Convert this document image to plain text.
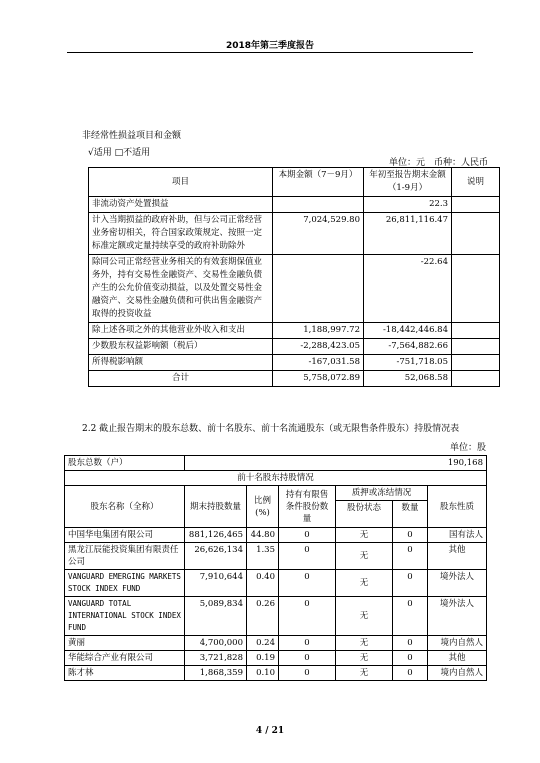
2018年第三季度报告
非经常性损益项目和金额
√适用 □不适用
单位：元　币种：人民币
项目	本期金额（7－9月）	年初至报告期末金额（1-9月）	说明
非流动资产处置损益		22.3	
计入当期损益的政府补助，但与公司正常经营业务密切相关，符合国家政策规定、按照一定标准定额或定量持续享受的政府补助除外	7,024,529.80	26,811,116.47	
除同公司正常经营业务相关的有效套期保值业务外，持有交易性金融资产、交易性金融负债产生的公允价值变动损益，以及处置交易性金融资产、交易性金融负债和可供出售金融资产取得的投资收益		-22.64	
除上述各项之外的其他营业外收入和支出	1,188,997.72	-18,442,446.84	
少数股东权益影响额（税后）	-2,288,423.05	-7,564,882.66	
所得税影响额	-167,031.58	-751,718.05	
合计	5,758,072.89	52,068.58	
2.2 截止报告期末的股东总数、前十名股东、前十名流通股东（或无限售条件股东）持股情况表
单位：股
股东总数（户）	190,168					
前十名股东持股情况						
股东名称（全称）	期末持股数量	比例(%)	持有有限售条件股份数量	质押或冻结情况		股东性质
				股份状态	数量	
中国华电集团有限公司	881,126,465	44.80	0	无	0	国有法人
黑龙江辰能投资集团有限责任公司	26,626,134	1.35	0	无	0	其他
VANGUARD EMERGING MARKETS STOCK INDEX FUND	7,910,644	0.40	0	无	0	境外法人
VANGUARD TOTAL INTERNATIONAL STOCK INDEX FUND	5,089,834	0.26	0	无	0	境外法人
黄丽	4,700,000	0.24	0	无	0	境内自然人
华能综合产业有限公司	3,721,828	0.19	0	无	0	其他
陈才林	1,868,359	0.10	0	无	0	境内自然人
4 / 21
